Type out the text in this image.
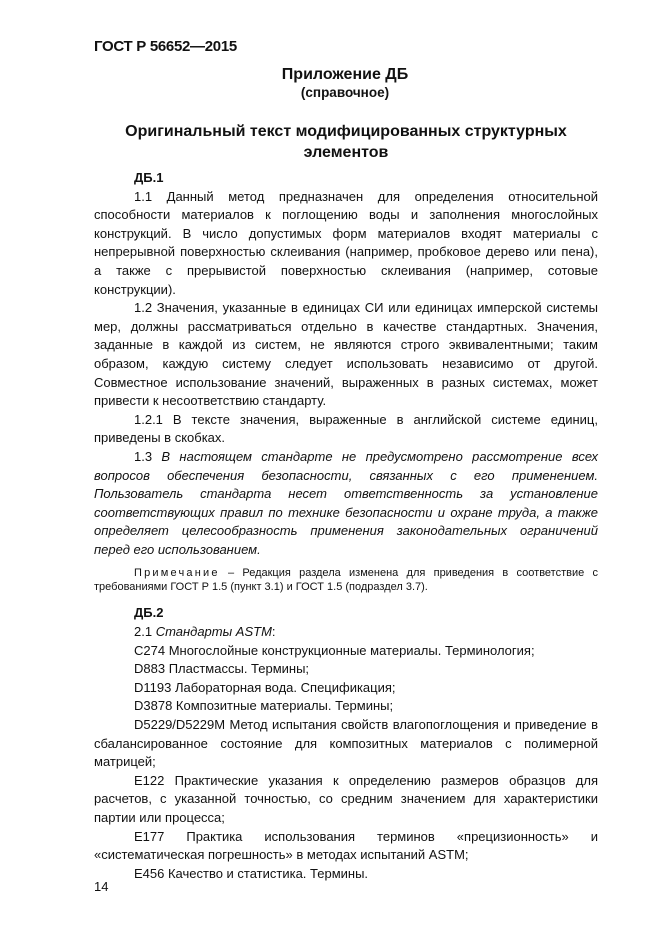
ГОСТ Р 56652—2015
Приложение ДБ
(справочное)
Оригинальный текст модифицированных структурных элементов

ДБ.1

1.1 Данный метод предназначен для определения относительной способности материалов к поглощению воды и заполнения многослойных конструкций. В число допустимых форм материалов входят материалы с непрерывной поверхностью склеивания (например, пробковое дерево или пена), а также с прерывистой поверхностью склеивания (например, сотовые конструкции).

1.2 Значения, указанные в единицах СИ или единицах имперской системы мер, должны рассматриваться отдельно в качестве стандартных. Значения, заданные в каждой из систем, не являются строго эквивалентными; таким образом, каждую систему следует использовать независимо от другой. Совместное использование значений, выраженных в разных системах, может привести к несоответствию стандарту.

1.2.1 В тексте значения, выраженные в английской системе единиц, приведены в скобках.

1.3 В настоящем стандарте не предусмотрено рассмотрение всех вопросов обеспечения безопасности, связанных с его применением. Пользователь стандарта несет ответственность за установление соответствующих правил по технике безопасности и охране труда, а также определяет целесообразность применения законодательных ограничений перед его использованием.

Примечание – Редакция раздела изменена для приведения в соответствие с требованиями ГОСТ Р 1.5 (пункт 3.1) и ГОСТ 1.5 (подраздел 3.7).

ДБ.2

2.1 Стандарты ASTM:

C274 Многослойные конструкционные материалы. Терминология;

D883 Пластмассы. Термины;

D1193 Лабораторная вода. Спецификация;

D3878 Композитные материалы. Термины;

D5229/D5229M Метод испытания свойств влагопоглощения и приведение в сбалансированное состояние для композитных материалов с полимерной матрицей;

E122 Практические указания к определению размеров образцов для расчетов, с указанной точностью, со средним значением для характеристики партии или процесса;

E177 Практика использования терминов «прецизионность» и «систематическая погрешность» в методах испытаний ASTM;

E456 Качество и статистика. Термины.

14
